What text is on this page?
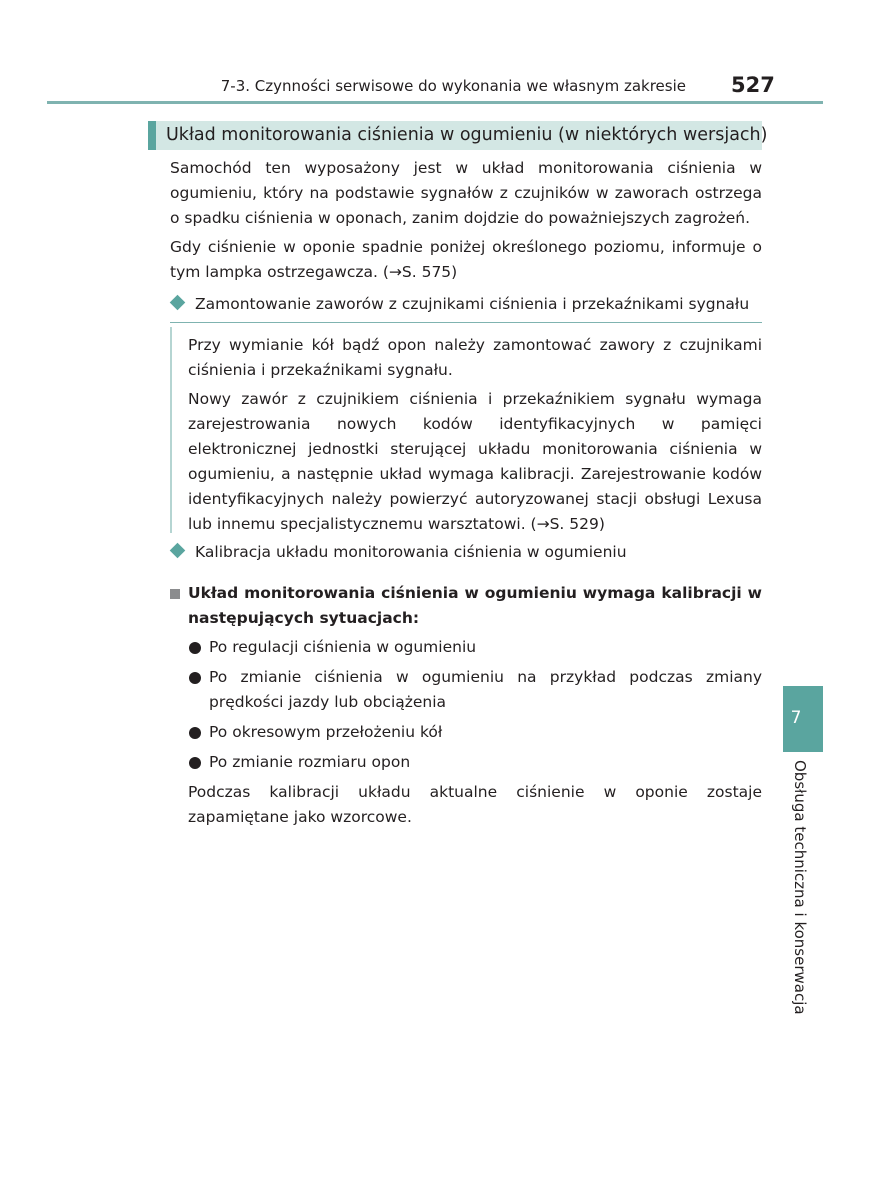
7-3. Czynności serwisowe do wykonania we własnym zakresie 527
Układ monitorowania ciśnienia w ogumieniu (w niektórych wersjach)

Samochód ten wyposażony jest w układ monitorowania ciśnienia w ogumieniu, który na podstawie sygnałów z czujników w zaworach ostrzega o spadku ciśnienia w oponach, zanim dojdzie do poważniejszych zagrożeń.

Gdy ciśnienie w oponie spadnie poniżej określonego poziomu, informuje o tym lampka ostrzegawcza. (→S. 575)

Zamontowanie zaworów z czujnikami ciśnienia i przekaźnikami sygnału

Przy wymianie kół bądź opon należy zamontować zawory z czujnikami ciśnienia i przekaźnikami sygnału.

Nowy zawór z czujnikiem ciśnienia i przekaźnikiem sygnału wymaga zarejestrowania nowych kodów identyfikacyjnych w pamięci elektronicznej jednostki sterującej układu monitorowania ciśnienia w ogumieniu, a następnie układ wymaga kalibracji. Zarejestrowanie kodów identyfikacyjnych należy powierzyć autoryzowanej stacji obsługi Lexusa lub innemu specjalistycznemu warsztatowi. (→S. 529)

Kalibracja układu monitorowania ciśnienia w ogumieniu
Układ monitorowania ciśnienia w ogumieniu wymaga kalibracji w następujących sytuacjach:
Po regulacji ciśnienia w ogumieniu
Po zmianie ciśnienia w ogumieniu na przykład podczas zmiany prędkości jazdy lub obciążenia
Po okresowym przełożeniu kół
Po zmianie rozmiaru opon
Podczas kalibracji układu aktualne ciśnienie w oponie zostaje zapamiętane jako wzorcowe.
7
Obsługa techniczna i konserwacja
